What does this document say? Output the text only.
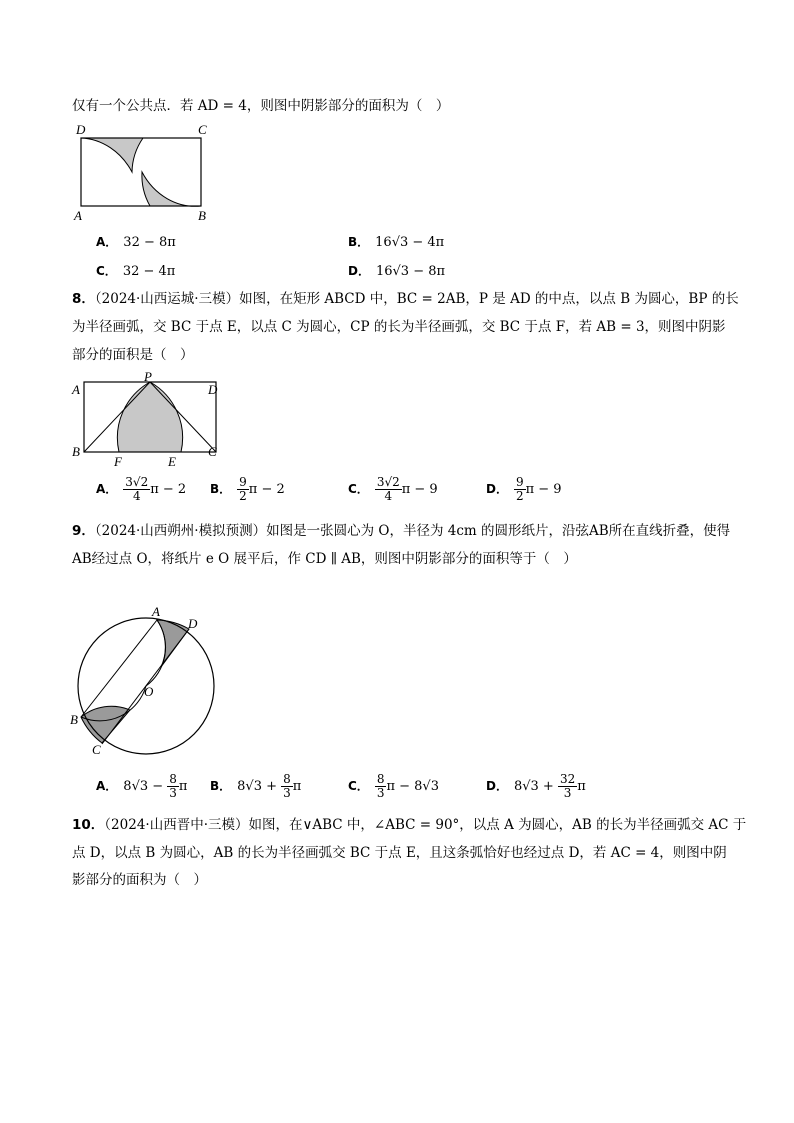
仅有一个公共点．若 AD = 4，则图中阴影部分的面积为（　）
D	C
A	B
A． 32 − 8π	B． 16√3 − 4π
C． 32 − 4π	D． 16√3 − 8π
8．（2024·山西运城·三模）如图，在矩形 ABCD 中，BC = 2AB，P 是 AD 的中点，以点 B 为圆心，BP 的长
为半径画弧，交 BC 于点 E，以点 C 为圆心，CP 的长为半径画弧，交 BC 于点 F，若 AB = 3，则图中阴影
部分的面积是（　）
A
P
D
B
F	E
C
A． $\frac{3√2}{4}$ π − 2 B． $\frac{9}{2}$ π − 2	C． $\frac{3√2}{4}$ π − 9	D． $\frac{9}{2}$ π − 9
9．（2024·山西朔州·模拟预测）如图是一张圆心为 O，半径为 4cm 的圆形纸片，沿弦AB所在直线折叠，使得
AB经过点 O，将纸片 e O 展平后，作 CD ∥ AB，则图中阴影部分的面积等于（　）
A
D
O
B
C
A． $8√3 - \frac{8}{3}$ π B． $8√3 + \frac{8}{3}$ π	C． $\frac{8}{3}$ π − 8√3	D． $8√3 + \frac{32}{3}$ π
10．（2024·山西晋中·三模）如图，在∨ABC 中，∠ABC = 90°，以点 A 为圆心，AB 的长为半径画弧交 AC 于
点 D，以点 B 为圆心，AB 的长为半径画弧交 BC 于点 E，且这条弧恰好也经过点 D，若 AC = 4，则图中阴
影部分的面积为（　）
